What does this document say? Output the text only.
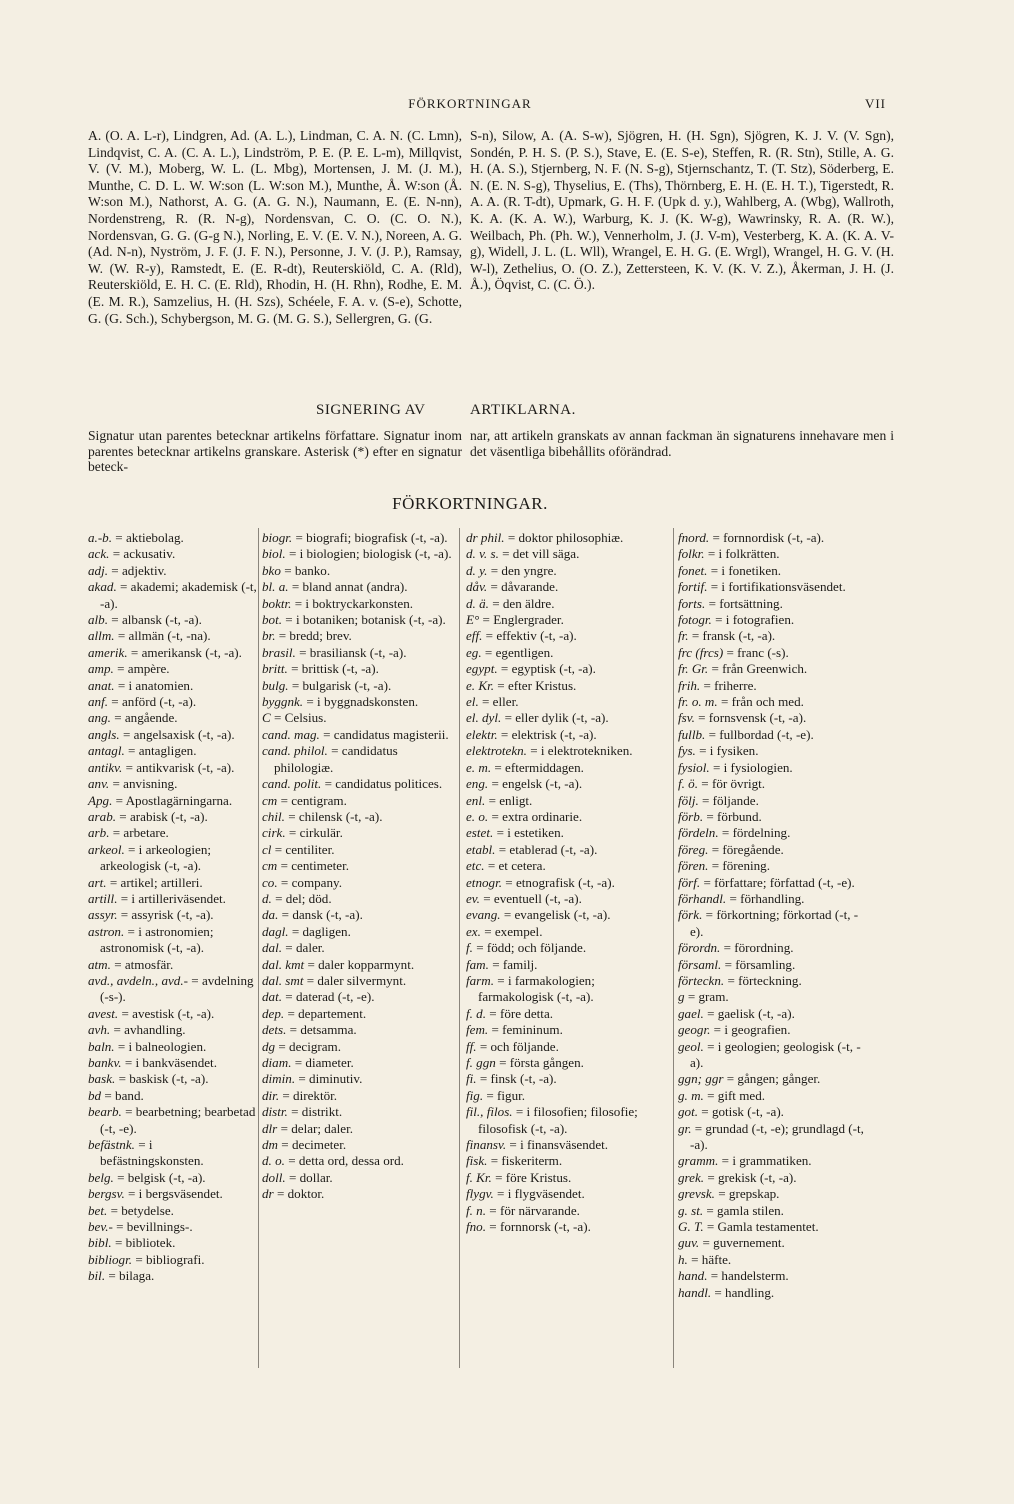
FÖRKORTNINGAR	VII
A. (O. A. L-r), Lindgren, Ad. (A. L.), Lindman, C. A. N. (C. Lmn), Lindqvist, C. A. (C. A. L.), Lindström, P. E. (P. E. L-m), Millqvist, V. (V. M.), Moberg, W. L. (L. Mbg), Mortensen, J. M. (J. M.), Munthe, C. D. L. W. W:son (L. W:son M.), Munthe, Å. W:son (Å. W:son M.), Nathorst, A. G. (A. G. N.), Naumann, E. (E. N-nn), Nordenstreng, R. (R. N-g), Nordensvan, C. O. (C. O. N.), Nordensvan, G. G. (G-g N.), Norling, E. V. (E. V. N.), Noreen, A. G. (Ad. N-n), Nyström, J. F. (J. F. N.), Personne, J. V. (J. P.), Ramsay, W. (W. R-y), Ramstedt, E. (E. R-dt), Reuterskiöld, C. A. (Rld), Reuterskiöld, E. H. C. (E. Rld), Rhodin, H. (H. Rhn), Rodhe, E. M. (E. M. R.), Samzelius, H. (H. Szs), Schéele, F. A. v. (S-e), Schotte, G. (G. Sch.), Schybergson, M. G. (M. G. S.), Sellergren, G. (G.
S-n), Silow, A. (A. S-w), Sjögren, H. (H. Sgn), Sjögren, K. J. V. (V. Sgn), Sondén, P. H. S. (P. S.), Stave, E. (E. S-e), Steffen, R. (R. Stn), Stille, A. G. H. (A. S.), Stjernberg, N. F. (N. S-g), Stjernschantz, T. (T. Stz), Söderberg, E. N. (E. N. S-g), Thyselius, E. (Ths), Thörnberg, E. H. (E. H. T.), Tigerstedt, R. A. A. (R. T-dt), Upmark, G. H. F. (Upk d. y.), Wahlberg, A. (Wbg), Wallroth, K. A. (K. A. W.), Warburg, K. J. (K. W-g), Wawrinsky, R. A. (R. W.), Weilbach, Ph. (Ph. W.), Vennerholm, J. (J. V-m), Vesterberg, K. A. (K. A. V-g), Widell, J. L. (L. Wll), Wrangel, E. H. G. (E. Wrgl), Wrangel, H. G. V. (H. W-l), Zethelius, O. (O. Z.), Zettersteen, K. V. (K. V. Z.), Åkerman, J. H. (J. Å.), Öqvist, C. (C. Ö.).
SIGNERING AV	ARTIKLARNA.
Signatur utan parentes betecknar artikelns författare. Signatur inom parentes betecknar artikelns granskare. Asterisk (*) efter en signatur beteck-
nar, att artikeln granskats av annan fackman än signaturens innehavare men i det väsentliga bibehållits oförändrad.
FÖRKORTNINGAR.
a.-b. = aktiebolag.
ack. = ackusativ.
adj. = adjektiv.
akad. = akademi; akademisk (-t, -a).
alb. = albansk (-t, -a).
allm. = allmän (-t, -na).
amerik. = amerikansk (-t, -a).
amp. = ampère.
anat. = i anatomien.
anf. = anförd (-t, -a).
ang. = angående.
angls. = angelsaxisk (-t, -a).
antagl. = antagligen.
antikv. = antikvarisk (-t, -a).
anv. = anvisning.
Apg. = Apostlagärningarna.
arab. = arabisk (-t, -a).
arb. = arbetare.
arkeol. = i arkeologien; arkeologisk (-t, -a).
art. = artikel; artilleri.
artill. = i artilleriväsendet.
assyr. = assyrisk (-t, -a).
astron. = i astronomien; astronomisk (-t, -a).
atm. = atmosfär.
avd., avdeln., avd.- = avdelning (-s-).
avest. = avestisk (-t, -a).
avh. = avhandling.
baln. = i balneologien.
bankv. = i bankväsendet.
bask. = baskisk (-t, -a).
bd = band.
bearb. = bearbetning; bearbetad (-t, -e).
befästnk. = i befästningskonsten.
belg. = belgisk (-t, -a).
bergsv. = i bergsväsendet.
bet. = betydelse.
bev.- = bevillnings-.
bibl. = bibliotek.
bibliogr. = bibliografi.
bil. = bilaga.
biogr. = biografi; biografisk (-t, -a).
biol. = i biologien; biologisk (-t, -a).
bko = banko.
bl. a. = bland annat (andra).
boktr. = i boktryckarkonsten.
bot. = i botaniken; botanisk (-t, -a).
br. = bredd; brev.
brasil. = brasiliansk (-t, -a).
britt. = brittisk (-t, -a).
bulg. = bulgarisk (-t, -a).
byggnk. = i byggnadskonsten.
C = Celsius.
cand. mag. = candidatus magisterii.
cand. philol. = candidatus philologiæ.
cand. polit. = candidatus politices.
cm = centigram.
chil. = chilensk (-t, -a).
cirk. = cirkulär.
cl = centiliter.
cm = centimeter.
co. = company.
d. = del; död.
da. = dansk (-t, -a).
dagl. = dagligen.
dal. = daler.
dal. kmt = daler kopparmynt.
dal. smt = daler silvermynt.
dat. = daterad (-t, -e).
dep. = departement.
dets. = detsamma.
dg = decigram.
diam. = diameter.
dimin. = diminutiv.
dir. = direktör.
distr. = distrikt.
dlr = delar; daler.
dm = decimeter.
d. o. = detta ord, dessa ord.
doll. = dollar.
dr = doktor.
dr phil. = doktor philosophiæ.
d. v. s. = det vill säga.
d. y. = den yngre.
dåv. = dåvarande.
d. ä. = den äldre.
E° = Englergrader.
eff. = effektiv (-t, -a).
eg. = egentligen.
egypt. = egyptisk (-t, -a).
e. Kr. = efter Kristus.
el. = eller.
el. dyl. = eller dylik (-t, -a).
elektr. = elektrisk (-t, -a).
elektrotekn. = i elektrotekniken.
e. m. = eftermiddagen.
eng. = engelsk (-t, -a).
enl. = enligt.
e. o. = extra ordinarie.
estet. = i estetiken.
etabl. = etablerad (-t, -a).
etc. = et cetera.
etnogr. = etnografisk (-t, -a).
ev. = eventuell (-t, -a).
evang. = evangelisk (-t, -a).
ex. = exempel.
f. = född; och följande.
fam. = familj.
farm. = i farmakologien; farmakologisk (-t, -a).
f. d. = före detta.
fem. = femininum.
ff. = och följande.
f. ggn = första gången.
fi. = finsk (-t, -a).
fig. = figur.
fil., filos. = i filosofien; filosofie; filosofisk (-t, -a).
finansv. = i finansväsendet.
fisk. = fiskeriterm.
f. Kr. = före Kristus.
flygv. = i flygväsendet.
f. n. = för närvarande.
fno. = fornnorsk (-t, -a).
fnord. = fornnordisk (-t, -a).
folkr. = i folkrätten.
fonet. = i fonetiken.
fortif. = i fortifikationsväsendet.
forts. = fortsättning.
fotogr. = i fotografien.
fr. = fransk (-t, -a).
frc (frcs) = franc (-s).
fr. Gr. = från Greenwich.
frih. = friherre.
fr. o. m. = från och med.
fsv. = fornsvensk (-t, -a).
fullb. = fullbordad (-t, -e).
fys. = i fysiken.
fysiol. = i fysiologien.
f. ö. = för övrigt.
följ. = följande.
förb. = förbund.
fördeln. = fördelning.
föreg. = föregående.
fören. = förening.
förf. = författare; författad (-t, -e).
förhandl. = förhandling.
förk. = förkortning; förkortad (-t, -e).
förordn. = förordning.
församl. = församling.
förteckn. = förteckning.
g = gram.
gael. = gaelisk (-t, -a).
geogr. = i geografien.
geol. = i geologien; geologisk (-t, -a).
ggn; ggr = gången; gånger.
g. m. = gift med.
got. = gotisk (-t, -a).
gr. = grundad (-t, -e); grundlagd (-t, -a).
gramm. = i grammatiken.
grek. = grekisk (-t, -a).
grevsk. = grepskap.
g. st. = gamla stilen.
G. T. = Gamla testamentet.
guv. = guvernement.
h. = häfte.
hand. = handelsterm.
handl. = handling.
